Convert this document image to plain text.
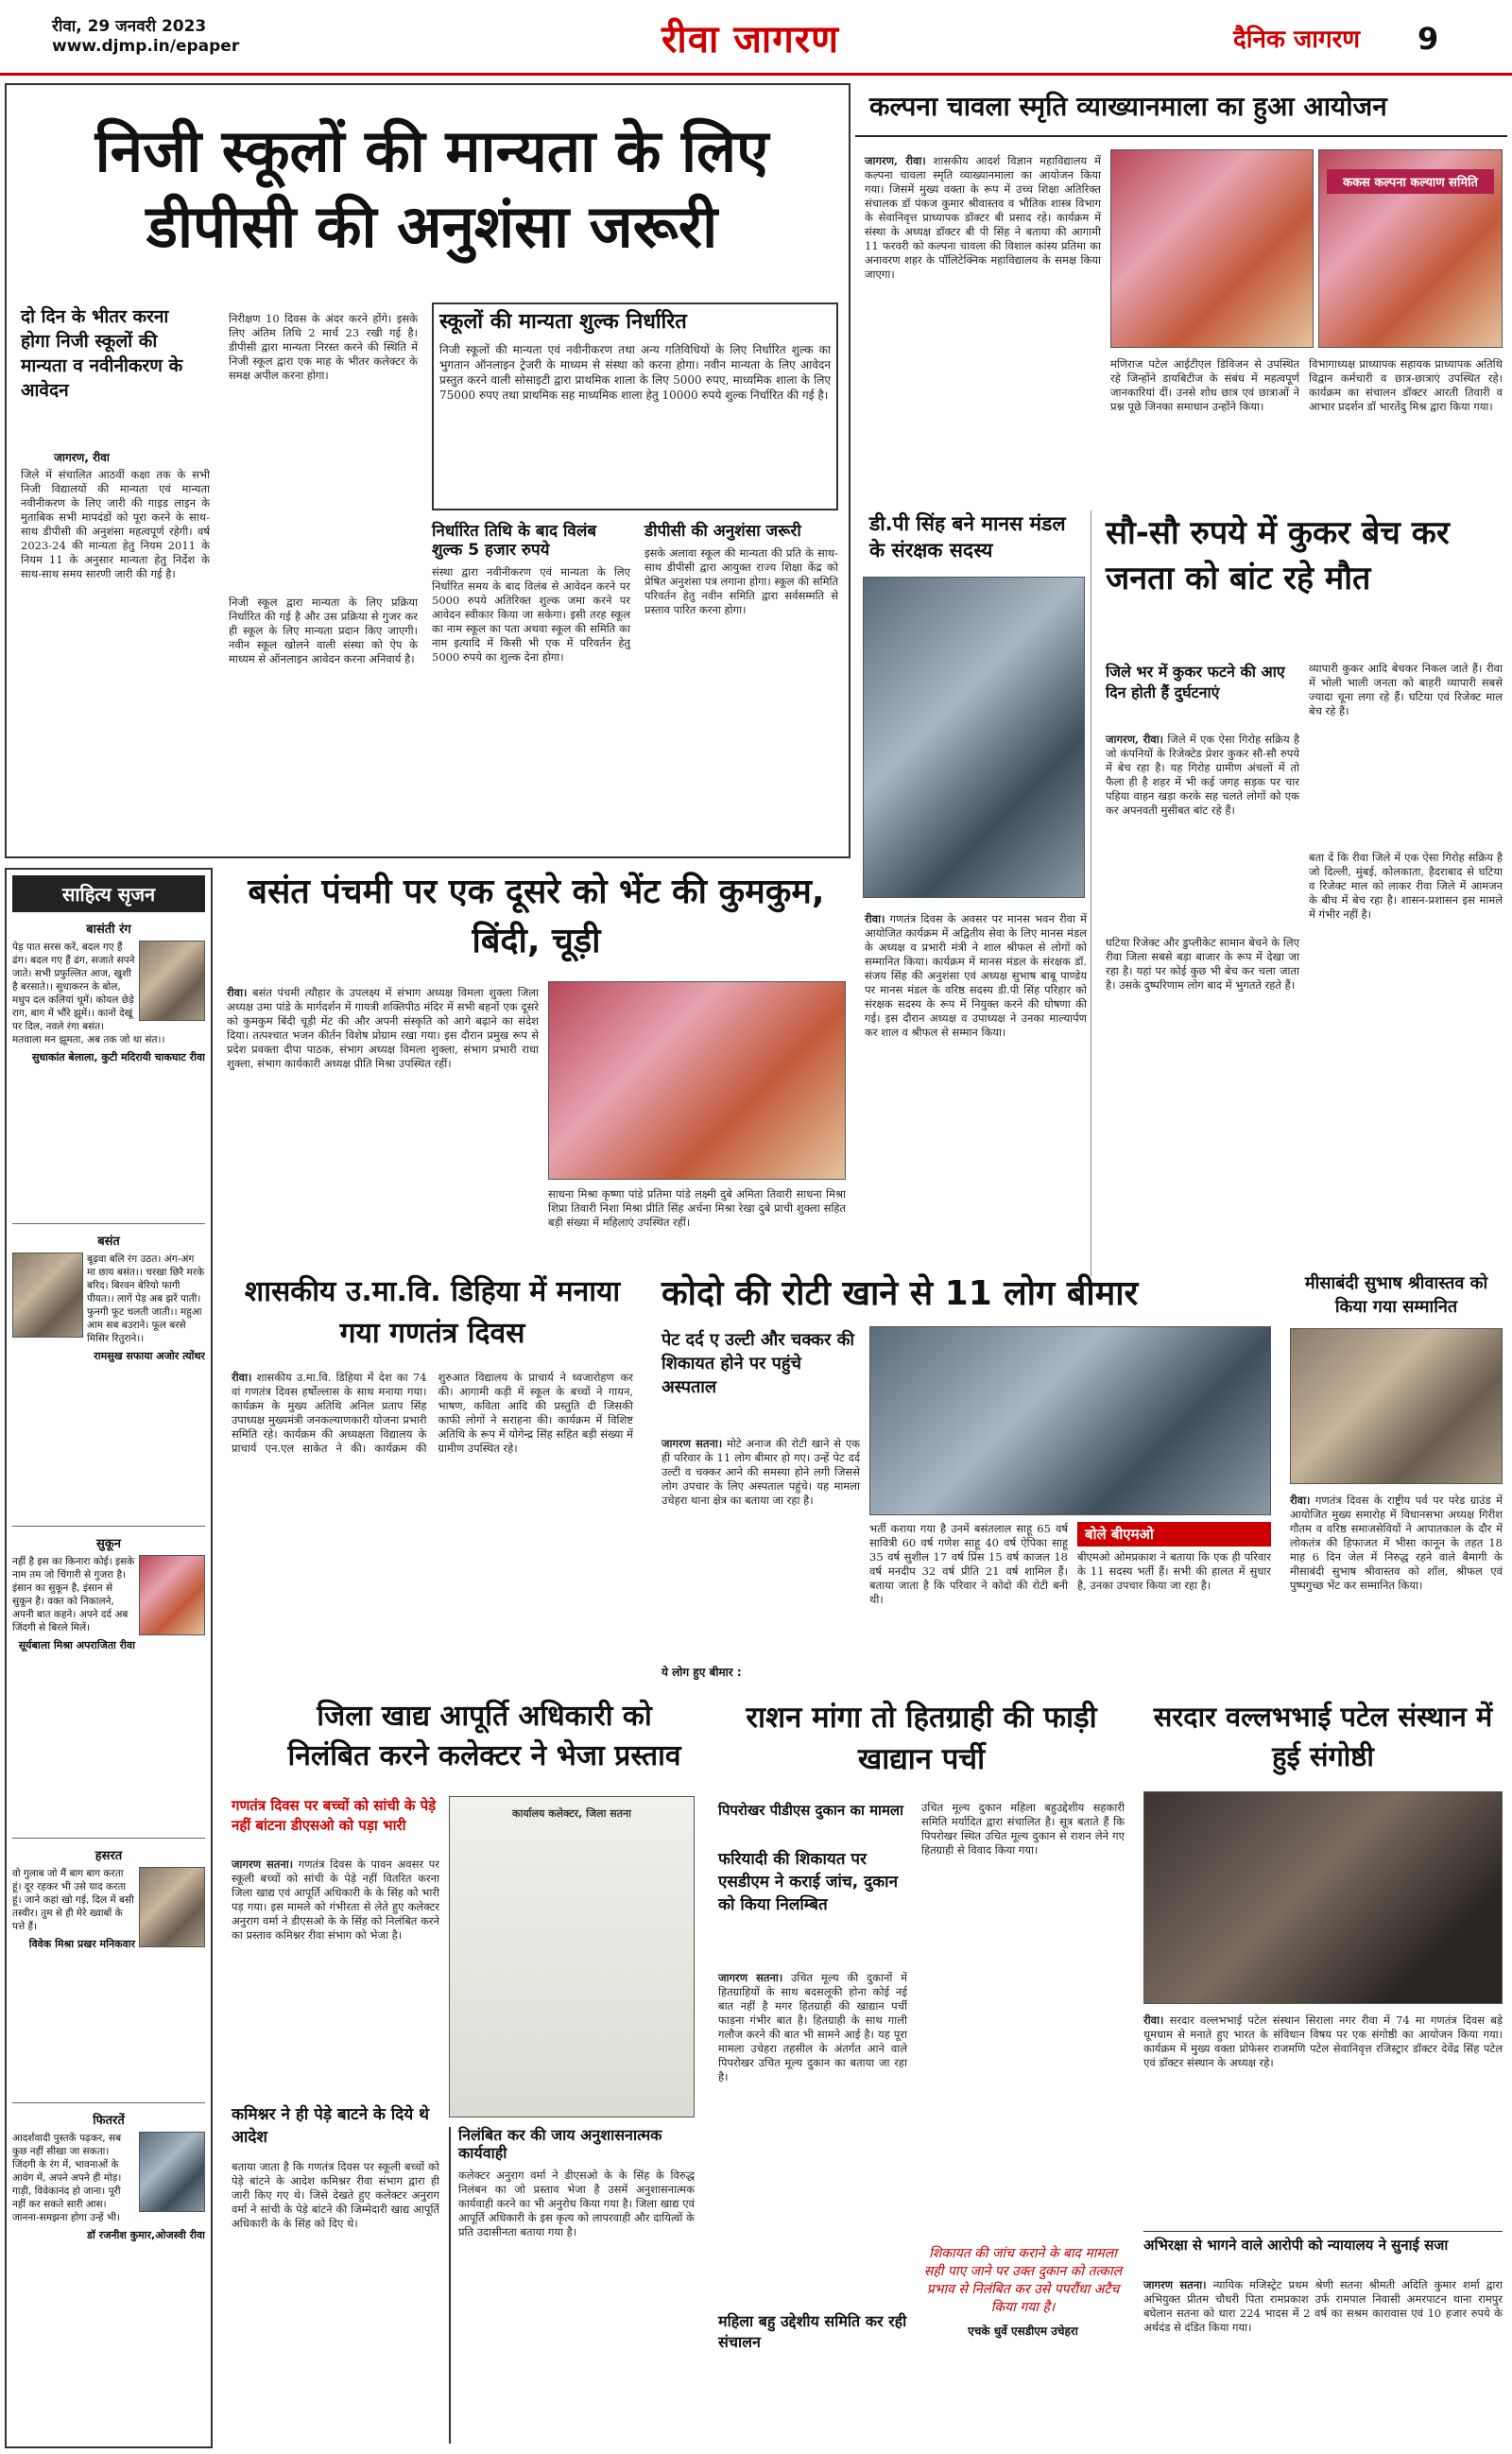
रीवा, 29 जनवरी 2023
www.djmp.in/epaper	रीवा जागरण	दैनिक जागरण 9
निजी स्कूलों की मान्यता के लिए
डीपीसी की अनुशंसा जरूरी
दो दिन के भीतर करना होगा निजी स्कूलों की मान्यता व नवीनीकरण के आवेदन
जागरण, रीवा
जिले में संचालित आठवीं कक्षा तक के सभी निजी विद्यालयों की मान्यता एवं मान्यता नवीनीकरण के लिए जारी की गाइड लाइन के मुताबिक सभी मापदंडों को पूरा करने के साथ-साथ डीपीसी की अनुशंसा महत्वपूर्ण रहेगी। वर्ष 2023-24 की मान्यता हेतु नियम 2011 के नियम 11 के अनुसार मान्यता हेतु निर्देश के साथ-साथ समय सारणी जारी की गई है।
निरीक्षण 10 दिवस के अंदर करने होंगे। इसके लिए अंतिम तिथि 2 मार्च 23 रखी गई है। डीपीसी द्वारा मान्यता निरस्त करने की स्थिति में निजी स्कूल द्वारा एक माह के भीतर कलेक्टर के समक्ष अपील करना होगा।
निजी स्कूल द्वारा मान्यता के लिए प्रक्रिया निर्धारित की गई है और उस प्रक्रिया से गुजर कर ही स्कूल के लिए मान्यता प्रदान किए जाएगी। नवीन स्कूल खोलने वाली संस्था को ऐप के माध्यम से ऑनलाइन आवेदन करना अनिवार्य है।
स्कूलों की मान्यता शुल्क निर्धारित
निजी स्कूलों की मान्यता एवं नवीनीकरण तथा अन्य गतिविधियों के लिए निर्धारित शुल्क का भुगतान ऑनलाइन ट्रेजरी के माध्यम से संस्था को करना होगा। नवीन मान्यता के लिए आवेदन प्रस्तुत करने वाली सोसाइटी द्वारा प्राथमिक शाला के लिए 5000 रुपए, माध्यमिक शाला के लिए 75000 रुपए तथा प्राथमिक सह माध्यमिक शाला हेतु 10000 रुपये शुल्क निर्धारित की गई है।
निर्धारित तिथि के बाद विलंब शुल्क 5 हजार रुपये
संस्था द्वारा नवीनीकरण एवं मान्यता के लिए निर्धारित समय के बाद विलंब से आवेदन करने पर 5000 रुपये अतिरिक्त शुल्क जमा करने पर आवेदन स्वीकार किया जा सकेगा। इसी तरह स्कूल का नाम स्कूल का पता अथवा स्कूल की समिति का नाम इत्यादि में किसी भी एक में परिवर्तन हेतु 5000 रुपये का शुल्क देना होगा।
डीपीसी की अनुशंसा जरूरी
इसके अलावा स्कूल की मान्यता की प्रति के साथ-साथ डीपीसी द्वारा आयुक्त राज्य शिक्षा केंद्र को प्रेषित अनुशंसा पत्र लगाना होगा। स्कूल की समिति परिवर्तन हेतु नवीन समिति द्वारा सर्वसम्मति से प्रस्ताव पारित करना होगा।
कल्पना चावला स्मृति व्याख्यानमाला का हुआ आयोजन
जागरण, रीवा। शासकीय आदर्श विज्ञान महाविद्यालय में कल्पना चावला स्मृति व्याख्यानमाला का आयोजन किया गया। जिसमें मुख्य वक्ता के रूप में उच्च शिक्षा अतिरिक्त संचालक डॉ पंकज कुमार श्रीवास्तव व भौतिक शास्त्र विभाग के सेवानिवृत्त प्राध्यापक डॉक्टर बी प्रसाद रहे। कार्यक्रम में संस्था के अध्यक्ष डॉक्टर बी पी सिंह ने बताया की आगामी 11 फरवरी को कल्पना चावला की विशाल कांस्य प्रतिमा का अनावरण शहर के पॉलिटेक्निक महाविद्यालय के समक्ष किया जाएगा।
ककस कल्पना कल्याण समिति
मणिराज पटेल आईटीएल डिविजन से उपस्थित रहे जिन्होंने डायबिटीज के संबंध में महत्वपूर्ण जानकारियां दीं। उनसे शोध छात्र एवं छात्राओं ने प्रश्न पूछे जिनका समाधान उन्होंने किया।
विभागाध्यक्ष प्राध्यापक सहायक प्राध्यापक अतिथि विद्वान कर्मचारी व छात्र-छात्राएं उपस्थित रहे। कार्यक्रम का संचालन डॉक्टर आरती तिवारी व आभार प्रदर्शन डॉ भारतेंदु मिश्र द्वारा किया गया।
डी.पी सिंह बने मानस मंडल के संरक्षक सदस्य
रीवा। गणतंत्र दिवस के अवसर पर मानस भवन रीवा में आयोजित कार्यक्रम में अद्वितीय सेवा के लिए मानस मंडल के अध्यक्ष व प्रभारी मंत्री ने शाल श्रीफल से लोगों को सम्मानित किया। कार्यक्रम में मानस मंडल के संरक्षक डॉ. संजय सिंह की अनुशंसा एवं अध्यक्ष सुभाष बाबू पाण्डेय पर मानस मंडल के वरिष्ठ सदस्य डी.पी सिंह परिहार को संरक्षक सदस्य के रूप में नियुक्त करने की घोषणा की गई। इस दौरान अध्यक्ष व उपाध्यक्ष ने उनका माल्यार्पण कर शाल व श्रीफल से सम्मान किया।
सौ-सौ रुपये में कुकर बेच कर जनता को बांट रहे मौत
जिले भर में कुकर फटने की आए दिन होती हैं दुर्घटनाएं
जागरण, रीवा। जिले में एक ऐसा गिरोह सक्रिय है जो कंपनियों के रिजेक्टेड प्रेशर कुकर सौ-सौ रुपये में बेच रहा है। यह गिरोह ग्रामीण अंचलों में तो फैला ही है शहर में भी कई जगह सड़क पर चार पहिया वाहन खड़ा करके सह चलते लोगों को एक कर अपनवती मुसीबत बांट रहे हैं।
घटिया रिजेक्ट और डुप्लीकेट सामान बेचने के लिए रीवा जिला सबसे बड़ा बाजार के रूप में देखा जा रहा है। यहां पर कोई कुछ भी बेच कर चला जाता है। उसके दुष्परिणाम लोग बाद में भुगतते रहते हैं।
व्यापारी कुकर आदि बेचकर निकल जाते हैं। रीवा में भोली भाली जनता को बाहरी व्यापारी सबसे ज्यादा चूना लगा रहे हैं। घटिया एवं रिजेक्ट माल बेच रहे हैं।
बता दें कि रीवा जिले में एक ऐसा गिरोह सक्रिय है जो दिल्ली, मुंबई, कोलकाता, हैदराबाद से घटिया व रिजेक्ट माल को लाकर रीवा जिले में आमजन के बीच में बेच रहा है। शासन-प्रशासन इस मामले में गंभीर नहीं है।
साहित्य सृजन
बासंती रंग
पेड़ पात सरस करें, बदल गए हैं ढंग। बदल गए हैं ढंग, सजाते सपने जाते। सभी प्रफुल्लित आज, खुशी है बरसाते।। सुधाकरन के बोल, मधुप दल कलियां चूमें। कोयल छेड़े राग, बाग में भौंरे झूमें।। कानों देखूं पर दिल, नवले रंगा बसंत। मतवाला मन झूमता, अब तक जो था संत।।
सुधाकांत बेलाला, कुटी मदिरायी चाकघाट रीवा
बसंत
बूढ़वा बलि रंग उठत। अंग-अंग मा छाय बसंत।। चरखा छिरै मरके बरिद। बिरवन बेरियो फागी पीयत।। लागें पेड़ अब झरें पाती। फुनगी फूट चलती जाती।। महुआ आम सब बउराने। फूल बरसे मिसिर रितुराने।।
रामसुख सफाया अजोर त्योंथर
सुकून
नहीं है इस का किनारा कोई। इसके नाम तम जो चिंगारी से गुजरा है। इंसान का सुकून है, इंसान से सुकून है। वक्त को निकालने, अपनी बात कहने। अपने दर्द अब जिंदगी से बिरले मिलें।
सूर्यबाला मिश्रा अपराजिता रीवा
हसरत
वो गुलाब जो मैं बाग बाग करता हूं। दूर रहकर भी उसे याद करता हूं। जाने कहां खो गई, दिल में बसी तस्वीर। तुम से ही मेरे ख्वाबों के पत्ते हैं।
विवेक मिश्रा प्रखर मनिकवार
फितरतें
आदर्शवादी पुस्तकें पढ़कर, सब कुछ नहीं सीखा जा सकता। जिंदगी के रंग में, भावनाओं के आवेग में, अपने अपने ही मोड़। गाड़ी, विवेकानंद हो जाना। पूरी नहीं कर सकते सारी आस। जानना-समझना होगा उन्हें भी।
डॉ रजनीश कुमार,ओजस्वी रीवा
बसंत पंचमी पर एक दूसरे को भेंट की कुमकुम, बिंदी, चूड़ी
रीवा। बसंत पंचमी त्यौहार के उपलक्ष्य में संभाग अध्यक्ष विमला शुक्ला जिला अध्यक्ष उमा पांडे के मार्गदर्शन में गायत्री शक्तिपीठ मंदिर में सभी बहनों एक दूसरे को कुमकुम बिंदी चूड़ी मेंट की और अपनी संस्कृति को आगे बढ़ाने का संदेश दिया। तत्पश्चात भजन कीर्तन विशेष प्रोग्राम रखा गया। इस दौरान प्रमुख रूप से प्रदेश प्रवक्ता दीपा पाठक, संभाग अध्यक्ष विमला शुक्ला, संभाग प्रभारी राधा शुक्ला, संभाग कार्यकारी अध्यक्ष प्रीति मिश्रा उपस्थित रहीं।
साधना मिश्रा कृष्णा पांडे प्रतिमा पांडे लक्ष्मी दुबे अमिता तिवारी साधना मिश्रा शिप्रा तिवारी निशा मिश्रा प्रीति सिंह अर्चना मिश्रा रेखा दुबे प्राची शुक्ला सहित बड़ी संख्या में महिलाएं उपस्थित रहीं।
शासकीय उ.मा.वि. डिहिया में मनाया गया गणतंत्र दिवस
रीवा। शासकीय उ.मा.वि. डिहिया में देश का 74 वां गणतंत्र दिवस हर्षोल्लास के साथ मनाया गया। कार्यक्रम के मुख्य अतिथि अनिल प्रताप सिंह उपाध्यक्ष मुख्यमंत्री जनकल्याणकारी योजना प्रभारी समिति रहे। कार्यक्रम की अध्यक्षता विद्यालय के प्राचार्य एन.एल साकेत ने की। कार्यक्रम की शुरुआत विद्यालय के प्राचार्य ने ध्वजारोहण कर की। आगामी कड़ी में स्कूल के बच्चों ने गायन, भाषण, कविता आदि की प्रस्तुति दी जिसकी काफी लोगों ने सराहना की। कार्यक्रम में विशिष्ट अतिथि के रूप में योगेन्द्र सिंह सहित बड़ी संख्या में ग्रामीण उपस्थित रहे।
कोदो की रोटी खाने से 11 लोग बीमार
पेट दर्द ए उल्टी और चक्कर की शिकायत होने पर पहुंचे अस्पताल
जागरण सतना। मोटे अनाज की रोटी खाने से एक ही परिवार के 11 लोग बीमार हो गए। उन्हें पेट दर्द उल्टी व चक्कर आने की समस्या होने लगी जिससे लोग उपचार के लिए अस्पताल पहुंचे। यह मामला उचेहरा थाना क्षेत्र का बताया जा रहा है।
भर्ती कराया गया है उनमें बसंतलाल साहू 65 वर्ष सावित्री 60 वर्ष गणेश साहू 40 वर्ष ऐपिका साहू 35 वर्ष सुशील 17 वर्ष प्रिंस 15 वर्ष काजल 18 वर्ष मनदीप 32 वर्ष प्रीति 21 वर्ष शामिल हैं। बताया जाता है कि परिवार ने कोदो की रोटी बनी थी।
बोले बीएमओ
बीएमओ ओमप्रकाश ने बताया कि एक ही परिवार के 11 सदस्य भर्ती हैं। सभी की हालत में सुधार है, उनका उपचार किया जा रहा है।
ये लोग हुए बीमार :
मीसाबंदी सुभाष श्रीवास्तव को किया गया सम्मानित
रीवा। गणतंत्र दिवस के राष्ट्रीय पर्व पर परेड ग्राउंड में आयोजित मुख्य समारोह में विधानसभा अध्यक्ष गिरीश गौतम व वरिष्ठ समाजसेवियों ने आपातकाल के दौर में लोकतंत्र की हिफाजत में भीसा कानून के तहत 18 माह 6 दिन जेल में निरुद्ध रहने वाले बैमागी के मीसाबंदी सुभाष श्रीवास्तव को शॉल, श्रीफल एवं पुष्पगुच्छ भेंट कर सम्मानित किया।
जिला खाद्य आपूर्ति अधिकारी को निलंबित करने कलेक्टर ने भेजा प्रस्ताव
गणतंत्र दिवस पर बच्चों को सांची के पेड़े नहीं बांटना डीएसओ को पड़ा भारी
जागरण सतना। गणतंत्र दिवस के पावन अवसर पर स्कूली बच्चों को सांची के पेड़े नहीं वितरित करना जिला खाद्य एवं आपूर्ति अधिकारी के के सिंह को भारी पड़ गया। इस मामले को गंभीरता से लेते हुए कलेक्टर अनुराग वर्मा ने डीएसओ के के सिंह को निलंबित करने का प्रस्ताव कमिश्नर रीवा संभाग को भेजा है।
कार्यालय कलेक्टर, जिला सतना
कमिश्नर ने ही पेड़े बाटने के दिये थे आदेश
बताया जाता है कि गणतंत्र दिवस पर स्कूली बच्चों को पेड़े बांटने के आदेश कमिश्नर रीवा संभाग द्वारा ही जारी किए गए थे। जिसे देखते हुए कलेक्टर अनुराग वर्मा ने सांची के पेड़े बांटने की जिम्मेदारी खाद्य आपूर्ति अधिकारी के के सिंह को दिए थे।
निलंबित कर की जाय अनुशासनात्मक कार्यवाही
कलेक्टर अनुराग वर्मा ने डीएसओ के के सिंह के विरुद्ध निलंबन का जो प्रस्ताव भेजा है उसमें अनुशासनात्मक कार्यवाही करने का भी अनुरोध किया गया है। जिला खाद्य एवं आपूर्ति अधिकारी के इस कृत्य को लापरवाही और दायित्वों के प्रति उदासीनता बताया गया है।
राशन मांगा तो हितग्राही की फाड़ी खाद्यान पर्ची
पिपरोखर पीडीएस दुकान का मामला
फरियादी की शिकायत पर एसडीएम ने कराई जांच, दुकान को किया निलम्बित
जागरण सतना। उचित मूल्य की दुकानों में हितग्राहियों के साथ बदसलूकी होना कोई नई बात नहीं है मगर हितग्राही की खाद्यान पर्ची फाड़ना गंभीर बात है। हितग्राही के साथ गाली गलौज करने की बात भी सामने आई है। यह पूरा मामला उचेहरा तहसील के अंतर्गत आने वाले पिपरोखर उचित मूल्य दुकान का बताया जा रहा है।
उचित मूल्य दुकान महिला बहुउद्देशीय सहकारी समिति मर्यादित द्वारा संचालित है। सूत्र बताते हैं कि पिपरोखर स्थित उचित मूल्य दुकान से राशन लेने गए हितग्राही से विवाद किया गया।
महिला बहु उद्देशीय समिति कर रही संचालन
शिकायत की जांच कराने के बाद मामला सही पाए जाने पर उक्त दुकान को तत्काल प्रभाव से निलंबित कर उसे पपरौंधा अटैच किया गया है।
एचके धुर्वे एसडीएम उचेहरा
सरदार वल्लभभाई पटेल संस्थान में हुई संगोष्ठी
रीवा। सरदार वल्लभभाई पटेल संस्थान सिराला नगर रीवा में 74 मा गणतंत्र दिवस बड़े धूमधाम से मनाते हुए भारत के संविधान विषय पर एक संगोष्ठी का आयोजन किया गया। कार्यक्रम में मुख्य वक्ता प्रोफेसर राजमणि पटेल सेवानिवृत्त रजिस्ट्रार डॉक्टर देवेंद्र सिंह पटेल एवं डॉक्टर संस्थान के अध्यक्ष रहे।
अभिरक्षा से भागने वाले आरोपी को न्यायालय ने सुनाई सजा
जागरण सतना। न्यायिक मजिस्ट्रेट प्रथम श्रेणी सतना श्रीमती अदिति कुमार शर्मा द्वारा अभियुक्त प्रीतम चौधरी पिता रामप्रकाश उर्फ रामपाल निवासी अमरपाटन थाना रामपुर बघेलान सतना को धारा 224 भादस में 2 वर्ष का सश्रम कारावास एवं 10 हजार रुपये के अर्थदंड से दंडित किया गया।
